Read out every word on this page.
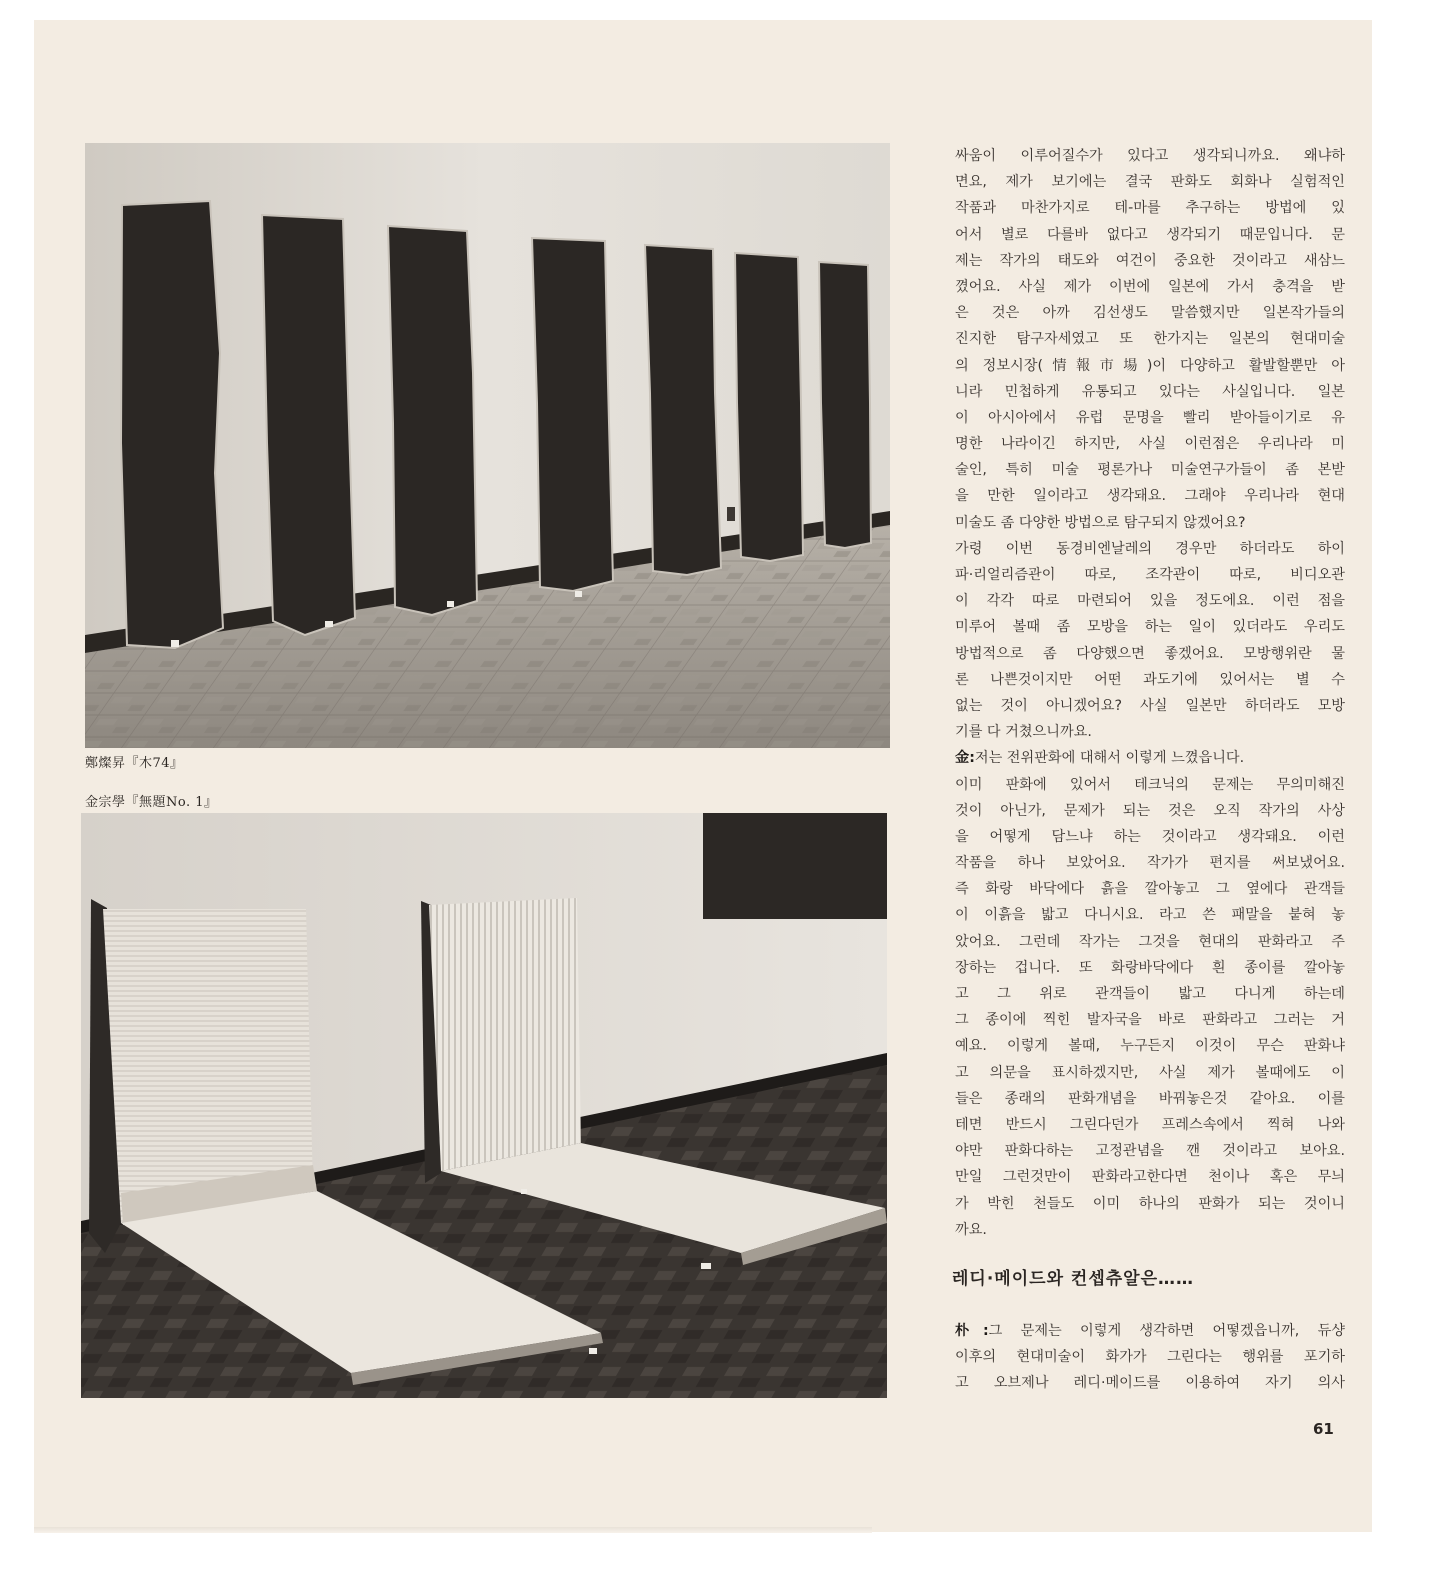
鄭燦昇『木74』
金宗學『無題No. 1』
싸움이 이루어질수가 있다고 생각되니까요. 왜냐하
면요, 제가 보기에는 결국 판화도 회화나 실험적인
작품과 마찬가지로 테-마를 추구하는 방법에 있
어서 별로 다를바 없다고 생각되기 때문입니다. 문
제는 작가의 태도와 여건이 중요한 것이라고 새삼느
꼈어요. 사실 제가 이번에 일본에 가서 충격을 받
은 것은 아까 김선생도 말씀했지만 일본작가들의
진지한 탐구자세였고 또 한가지는 일본의 현대미술
의 정보시장(情報市場)이 다양하고 활발할뿐만 아
니라 민첩하게 유통되고 있다는 사실입니다. 일본
이 아시아에서 유럽 문명을 빨리 받아들이기로 유
명한 나라이긴 하지만, 사실 이런점은 우리나라 미
술인, 특히 미술 평론가나 미술연구가들이 좀 본받
을 만한 일이라고 생각돼요. 그래야 우리나라 현대
미술도 좀 다양한 방법으로 탐구되지 않겠어요?
가령 이번 동경비엔날레의 경우만 하더라도 하이
파·리얼리즘관이 따로, 조각관이 따로, 비디오관
이 각각 따로 마련되어 있을 정도에요. 이런 점을
미루어 볼때 좀 모방을 하는 일이 있더라도 우리도
방법적으로 좀 다양했으면 좋겠어요. 모방행위란 물
론 나쁜것이지만 어떤 과도기에 있어서는 별 수
없는 것이 아니겠어요? 사실 일본만 하더라도 모방
기를 다 거쳤으니까요.
金:저는 전위판화에 대해서 이렇게 느꼈읍니다.
이미 판화에 있어서 테크닉의 문제는 무의미해진
것이 아닌가, 문제가 되는 것은 오직 작가의 사상
을 어떻게 담느냐 하는 것이라고 생각돼요. 이런
작품을 하나 보았어요. 작가가 편지를 써보냈어요.
즉 화랑 바닥에다 흙을 깔아놓고 그 옆에다 관객들
이 이흙을 밟고 다니시요. 라고 쓴 패말을 붙혀 놓
았어요. 그런데 작가는 그것을 현대의 판화라고 주
장하는 겁니다. 또 화랑바닥에다 흰 종이를 깔아놓
고 그 위로 관객들이 밟고 다니게 하는데
그 종이에 찍힌 발자국을 바로 판화라고 그러는 거
예요. 이렇게 볼때, 누구든지 이것이 무슨 판화냐
고 의문을 표시하겠지만, 사실 제가 볼때에도 이
들은 종래의 판화개념을 바꿔놓은것 같아요. 이를
테면 반드시 그린다던가 프레스속에서 찍혀 나와
야만 판화다하는 고정관념을 깬 것이라고 보아요.
만일 그런것만이 판화라고한다면 천이나 혹은 무늬
가 박힌 천들도 이미 하나의 판화가 되는 것이니
까요.
레디·메이드와 컨셉츄알은……
朴:그 문제는 이렇게 생각하면 어떻겠읍니까, 듀샹
이후의 현대미술이 화가가 그린다는 행위를 포기하
고 오브제나 레디·메이드를 이용하여 자기 의사
61
